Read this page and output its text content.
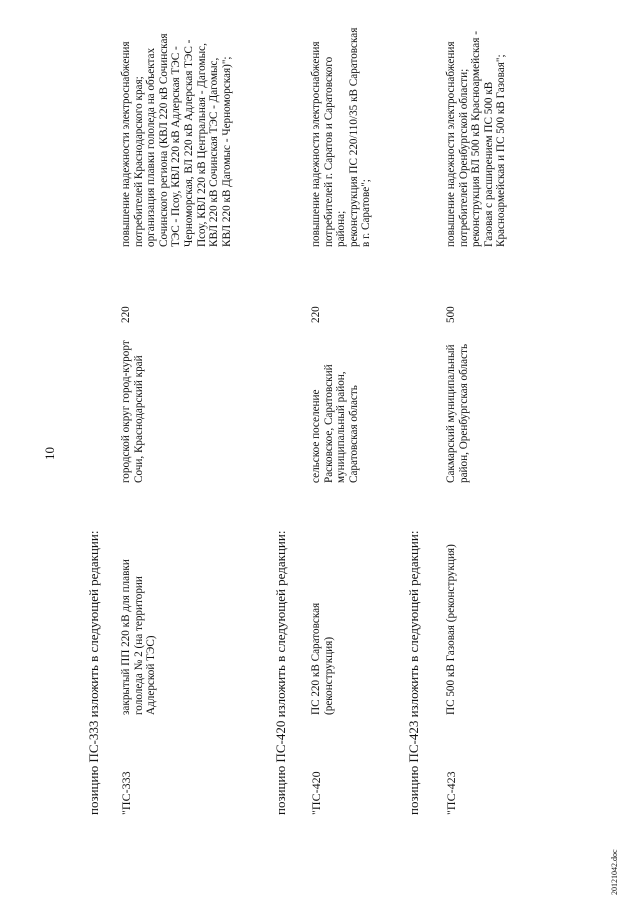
10
позицию ПС-333 изложить в следующей редакции: "ПС-333
закрытый ПП 220 кВ для плавки
гололеда № 2 (на территории
Адлерской ТЭС)
городской округ город-курорт
Сочи, Краснодарский край
220
повышение надежности электроснабжения
потребителей Краснодарского края;
организация плавки гололеда на объектах
Сочинского региона (КВЛ 220 кВ Сочинская
ТЭС - Псоу, КВЛ 220 кВ Адлерская ТЭС -
Черноморская, ВЛ 220 кВ Адлерская ТЭС -
Псоу, КВЛ 220 кВ Центральная - Дагомыс,
КВЛ 220 кВ Сочинская ТЭС - Дагомыс,
КВЛ 220 кВ Дагомыс - Черноморская)";
позицию ПС-420 изложить в следующей редакции: "ПС-420
ПС 220 кВ Саратовская
(реконструкция)
сельское поселение
Расковское, Саратовский
муниципальный район,
Саратовская область
220
повышение надежности электроснабжения
потребителей г. Саратов и Саратовского
района;
реконструкция ПС 220/110/35 кВ Саратовская
в г. Саратове";
позицию ПС-423 изложить в следующей редакции: "ПС-423
ПС 500 кВ Газовая (реконструкция)
Сакмарский муниципальный
район, Оренбургская область
500
повышение надежности электроснабжения
потребителей Оренбургской области;
реконструкция ВЛ 500 кВ Красноармейская -
Газовая с расширением ПС 500 кВ
Красноармейская и ПС 500 кВ Газовая";
20121042.doc
